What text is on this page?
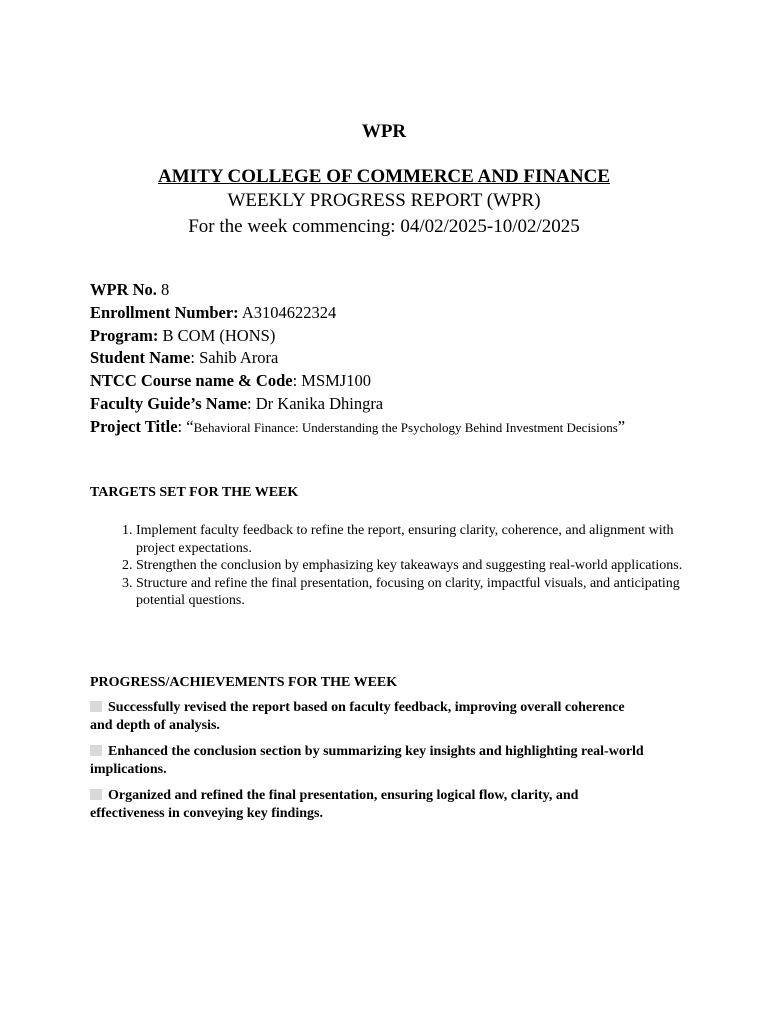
WPR
AMITY COLLEGE OF COMMERCE AND FINANCE
WEEKLY PROGRESS REPORT (WPR)
For the week commencing: 04/02/2025-10/02/2025
WPR No. 8
Enrollment Number: A3104622324
Program: B COM (HONS)
Student Name: Sahib Arora
NTCC Course name & Code: MSMJ100
Faculty Guide’s Name: Dr Kanika Dhingra
Project Title: “Behavioral Finance: Understanding the Psychology Behind Investment Decisions”
TARGETS SET FOR THE WEEK
1. Implement faculty feedback to refine the report, ensuring clarity, coherence, and alignment with project expectations.
2. Strengthen the conclusion by emphasizing key takeaways and suggesting real-world applications.
3. Structure and refine the final presentation, focusing on clarity, impactful visuals, and anticipating potential questions.
PROGRESS/ACHIEVEMENTS FOR THE WEEK
Successfully revised the report based on faculty feedback, improving overall coherence and depth of analysis.
Enhanced the conclusion section by summarizing key insights and highlighting real-world implications.
Organized and refined the final presentation, ensuring logical flow, clarity, and effectiveness in conveying key findings.
